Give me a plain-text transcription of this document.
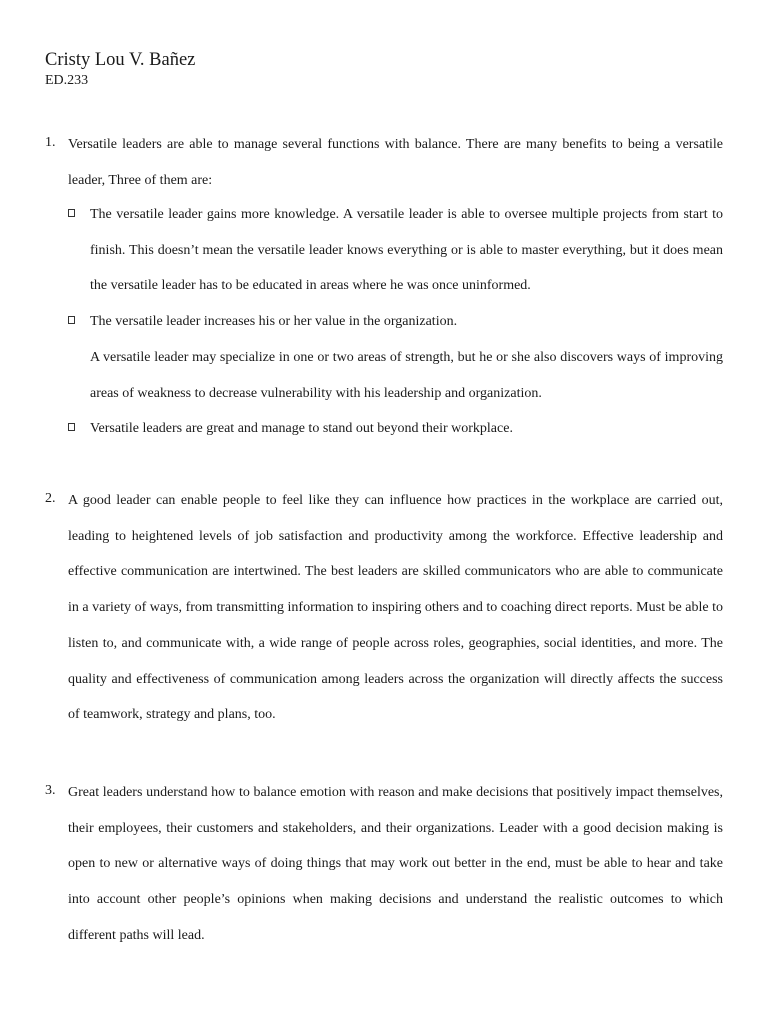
Cristy Lou V. Bañez
ED.233
1. Versatile leaders are able to manage several functions with balance. There are many benefits to being a versatile leader, Three of them are:
The versatile leader gains more knowledge. A versatile leader is able to oversee multiple projects from start to finish. This doesn’t mean the versatile leader knows everything or is able to master everything, but it does mean the versatile leader has to be educated in areas where he was once uninformed.
The versatile leader increases his or her value in the organization.
A versatile leader may specialize in one or two areas of strength, but he or she also discovers ways of improving areas of weakness to decrease vulnerability with his leadership and organization.
Versatile leaders are great and manage to stand out beyond their workplace.
2. A good leader can enable people to feel like they can influence how practices in the workplace are carried out, leading to heightened levels of job satisfaction and productivity among the workforce. Effective leadership and effective communication are intertwined. The best leaders are skilled communicators who are able to communicate in a variety of ways, from transmitting information to inspiring others and to coaching direct reports. Must be able to listen to, and communicate with, a wide range of people across roles, geographies, social identities, and more. The quality and effectiveness of communication among leaders across the organization will directly affects the success of teamwork, strategy and plans, too.
3. Great leaders understand how to balance emotion with reason and make decisions that positively impact themselves, their employees, their customers and stakeholders, and their organizations. Leader with a good decision making is open to new or alternative ways of doing things that may work out better in the end, must be able to hear and take into account other people’s opinions when making decisions and understand the realistic outcomes to which different paths will lead.
